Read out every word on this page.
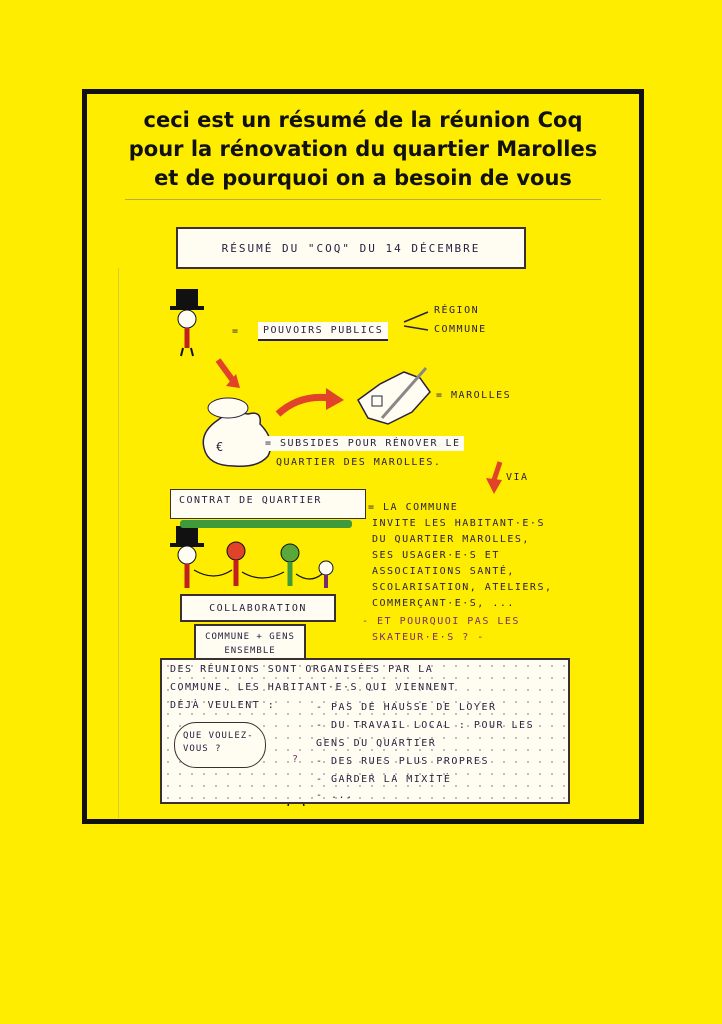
ceci est un résumé de la réunion Coq
pour la rénovation du quartier Marolles
et de pourquoi on a besoin de vous
RÉSUMÉ DU "COQ" DU 14 DÉCEMBRE
=	POUVOIRS PUBLICS
RÉGION
COMMUNE
= MAROLLES
€	= SUBSIDES POUR RÉNOVER LE
QUARTIER DES MAROLLES.
VIA
CONTRAT DE QUARTIER
= LA COMMUNE
INVITE LES HABITANT·E·S
DU QUARTIER MAROLLES,
SES USAGER·E·S ET
ASSOCIATIONS SANTÉ,
SCOLARISATION, ATELIERS,
COMMERÇANT·E·S, ...
- ET POURQUOI PAS LES
SKATEUR·E·S ? -
COLLABORATION
COMMUNE + GENS
ENSEMBLE
DES RÉUNIONS SONT ORGANISÉES PAR LA
COMMUNE. LES HABITANT·E·S QUI VIENNENT
DÉJÀ VEULENT :	- PAS DE HAUSSE DE LOYER
- DU TRAVAIL LOCAL : POUR LES
GENS DU QUARTIER
- DES RUES PLUS PROPRES
- GARDER LA MIXITÉ
- ...
QUE VOULEZ-
VOUS ?
?
